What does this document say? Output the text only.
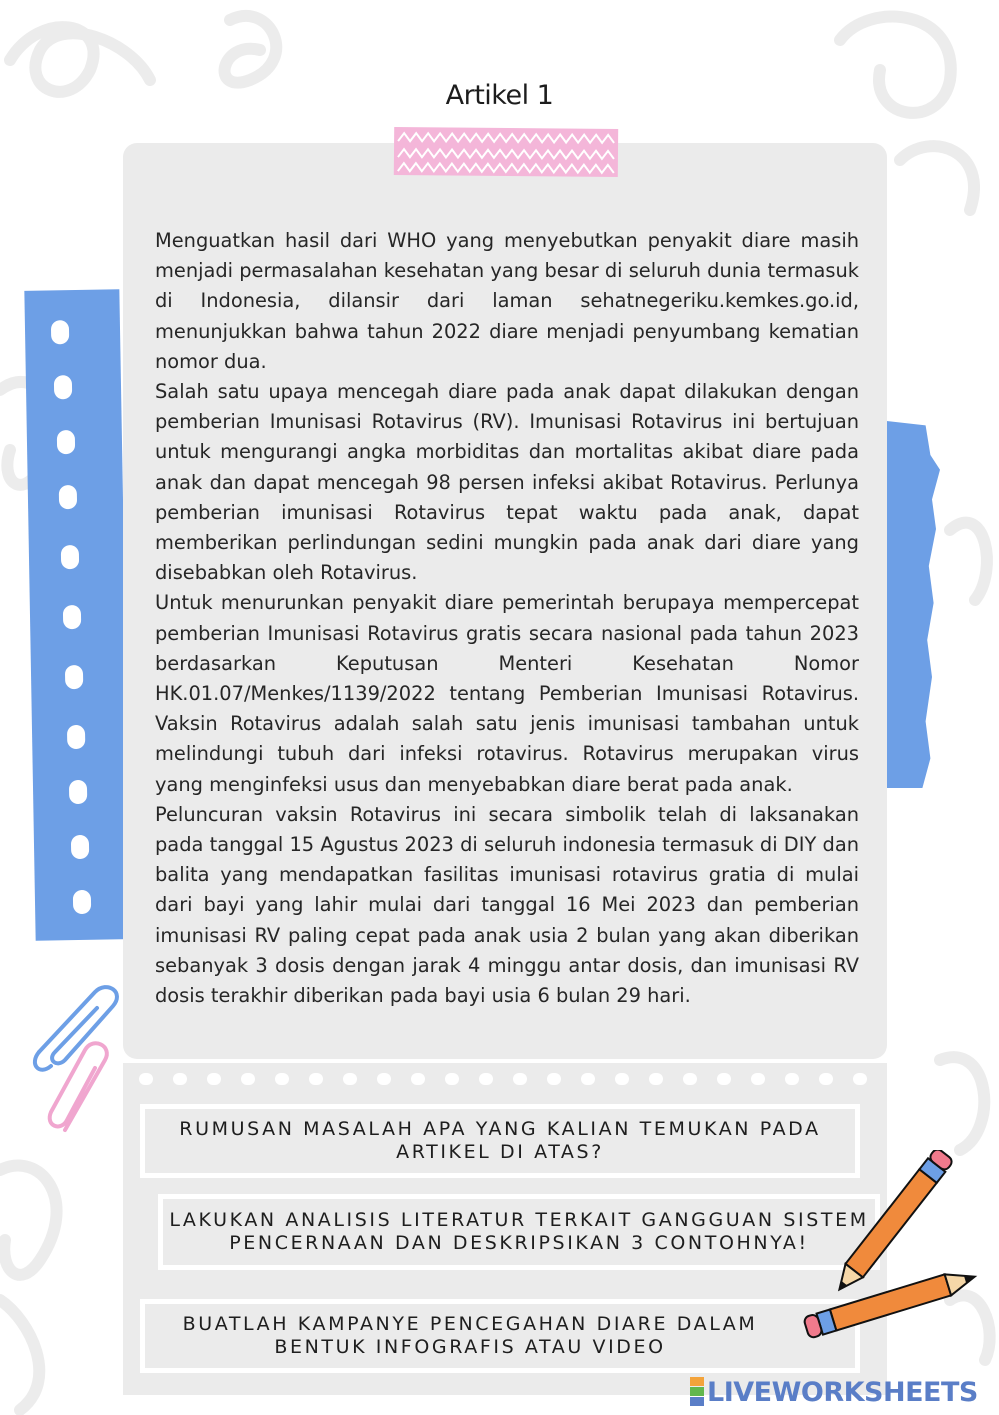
Artikel 1

Menguatkan hasil dari WHO yang menyebutkan penyakit diare masih menjadi permasalahan kesehatan yang besar di seluruh dunia termasuk di Indonesia, dilansir dari laman sehatnegeriku.kemkes.go.id, menunjukkan bahwa tahun 2022 diare menjadi penyumbang kematian nomor dua.

Salah satu upaya mencegah diare pada anak dapat dilakukan dengan pemberian Imunisasi Rotavirus (RV). Imunisasi Rotavirus ini bertujuan untuk mengurangi angka morbiditas dan mortalitas akibat diare pada anak dan dapat mencegah 98 persen infeksi akibat Rotavirus. Perlunya pemberian imunisasi Rotavirus tepat waktu pada anak, dapat memberikan perlindungan sedini mungkin pada anak dari diare yang disebabkan oleh Rotavirus.

Untuk menurunkan penyakit diare pemerintah berupaya mempercepat pemberian Imunisasi Rotavirus gratis secara nasional pada tahun 2023 berdasarkan Keputusan Menteri Kesehatan Nomor HK.01.07/Menkes/1139/2022 tentang Pemberian Imunisasi Rotavirus. Vaksin Rotavirus adalah salah satu jenis imunisasi tambahan untuk melindungi tubuh dari infeksi rotavirus. Rotavirus merupakan virus yang menginfeksi usus dan menyebabkan diare berat pada anak.

Peluncuran vaksin Rotavirus ini secara simbolik telah di laksanakan pada tanggal 15 Agustus 2023 di seluruh indonesia termasuk di DIY dan balita yang mendapatkan fasilitas imunisasi rotavirus gratia di mulai dari bayi yang lahir mulai dari tanggal 16 Mei 2023 dan pemberian imunisasi RV paling cepat pada anak usia 2 bulan yang akan diberikan sebanyak 3 dosis dengan jarak 4 minggu antar dosis, dan imunisasi RV dosis terakhir diberikan pada bayi usia 6 bulan 29 hari.

RUMUSAN MASALAH APA YANG KALIAN TEMUKAN PADA ARTIKEL DI ATAS?
LAKUKAN ANALISIS LITERATUR TERKAIT GANGGUAN SISTEM PENCERNAAN DAN DESKRIPSIKAN 3 CONTOHNYA!
BUATLAH KAMPANYE PENCEGAHAN DIARE DALAM BENTUK INFOGRAFIS ATAU VIDEO
LIVEWORKSHEETS
